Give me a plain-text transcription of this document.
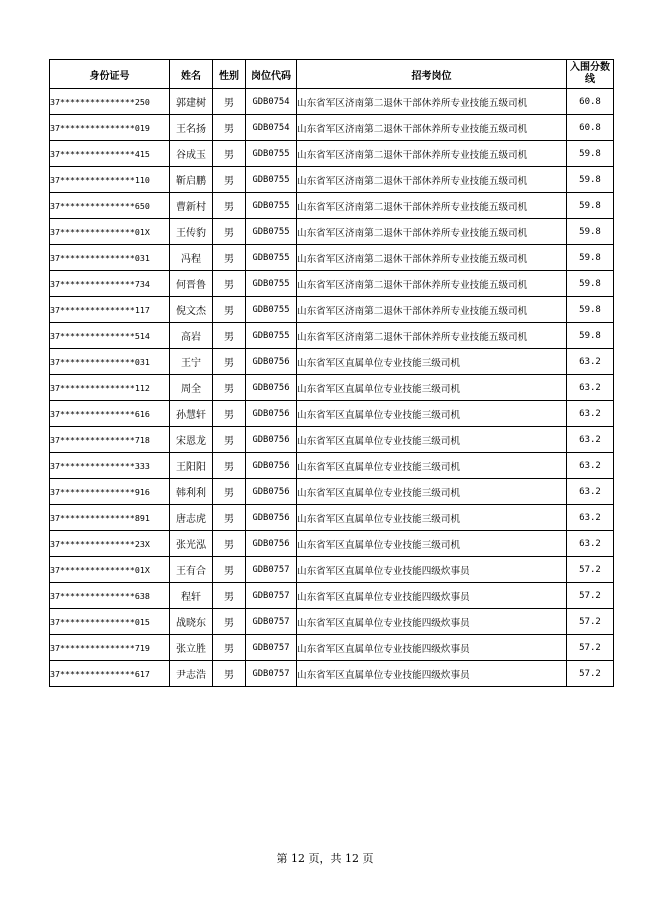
身份证号	姓名	性别	岗位代码	招考岗位	入围分数线
37***************250	郭建树	男	GDB0754	山东省军区济南第二退休干部休养所专业技能五级司机	60.8
37***************019	王名扬	男	GDB0754	山东省军区济南第二退休干部休养所专业技能五级司机	60.8
37***************415	谷成玉	男	GDB0755	山东省军区济南第二退休干部休养所专业技能五级司机	59.8
37***************110	靳启鹏	男	GDB0755	山东省军区济南第二退休干部休养所专业技能五级司机	59.8
37***************650	曹新村	男	GDB0755	山东省军区济南第二退休干部休养所专业技能五级司机	59.8
37***************01X	王传豹	男	GDB0755	山东省军区济南第二退休干部休养所专业技能五级司机	59.8
37***************031	冯程	男	GDB0755	山东省军区济南第二退休干部休养所专业技能五级司机	59.8
37***************734	何晋鲁	男	GDB0755	山东省军区济南第二退休干部休养所专业技能五级司机	59.8
37***************117	倪文杰	男	GDB0755	山东省军区济南第二退休干部休养所专业技能五级司机	59.8
37***************514	高岩	男	GDB0755	山东省军区济南第二退休干部休养所专业技能五级司机	59.8
37***************031	王宁	男	GDB0756	山东省军区直属单位专业技能三级司机	63.2
37***************112	周全	男	GDB0756	山东省军区直属单位专业技能三级司机	63.2
37***************616	孙慧轩	男	GDB0756	山东省军区直属单位专业技能三级司机	63.2
37***************718	宋恩龙	男	GDB0756	山东省军区直属单位专业技能三级司机	63.2
37***************333	王阳阳	男	GDB0756	山东省军区直属单位专业技能三级司机	63.2
37***************916	韩利利	男	GDB0756	山东省军区直属单位专业技能三级司机	63.2
37***************891	唐志虎	男	GDB0756	山东省军区直属单位专业技能三级司机	63.2
37***************23X	张光泓	男	GDB0756	山东省军区直属单位专业技能三级司机	63.2
37***************01X	王有合	男	GDB0757	山东省军区直属单位专业技能四级炊事员	57.2
37***************638	程轩	男	GDB0757	山东省军区直属单位专业技能四级炊事员	57.2
37***************015	战晓东	男	GDB0757	山东省军区直属单位专业技能四级炊事员	57.2
37***************719	张立胜	男	GDB0757	山东省军区直属单位专业技能四级炊事员	57.2
37***************617	尹志浩	男	GDB0757	山东省军区直属单位专业技能四级炊事员	57.2
第 12 页，共 12 页
